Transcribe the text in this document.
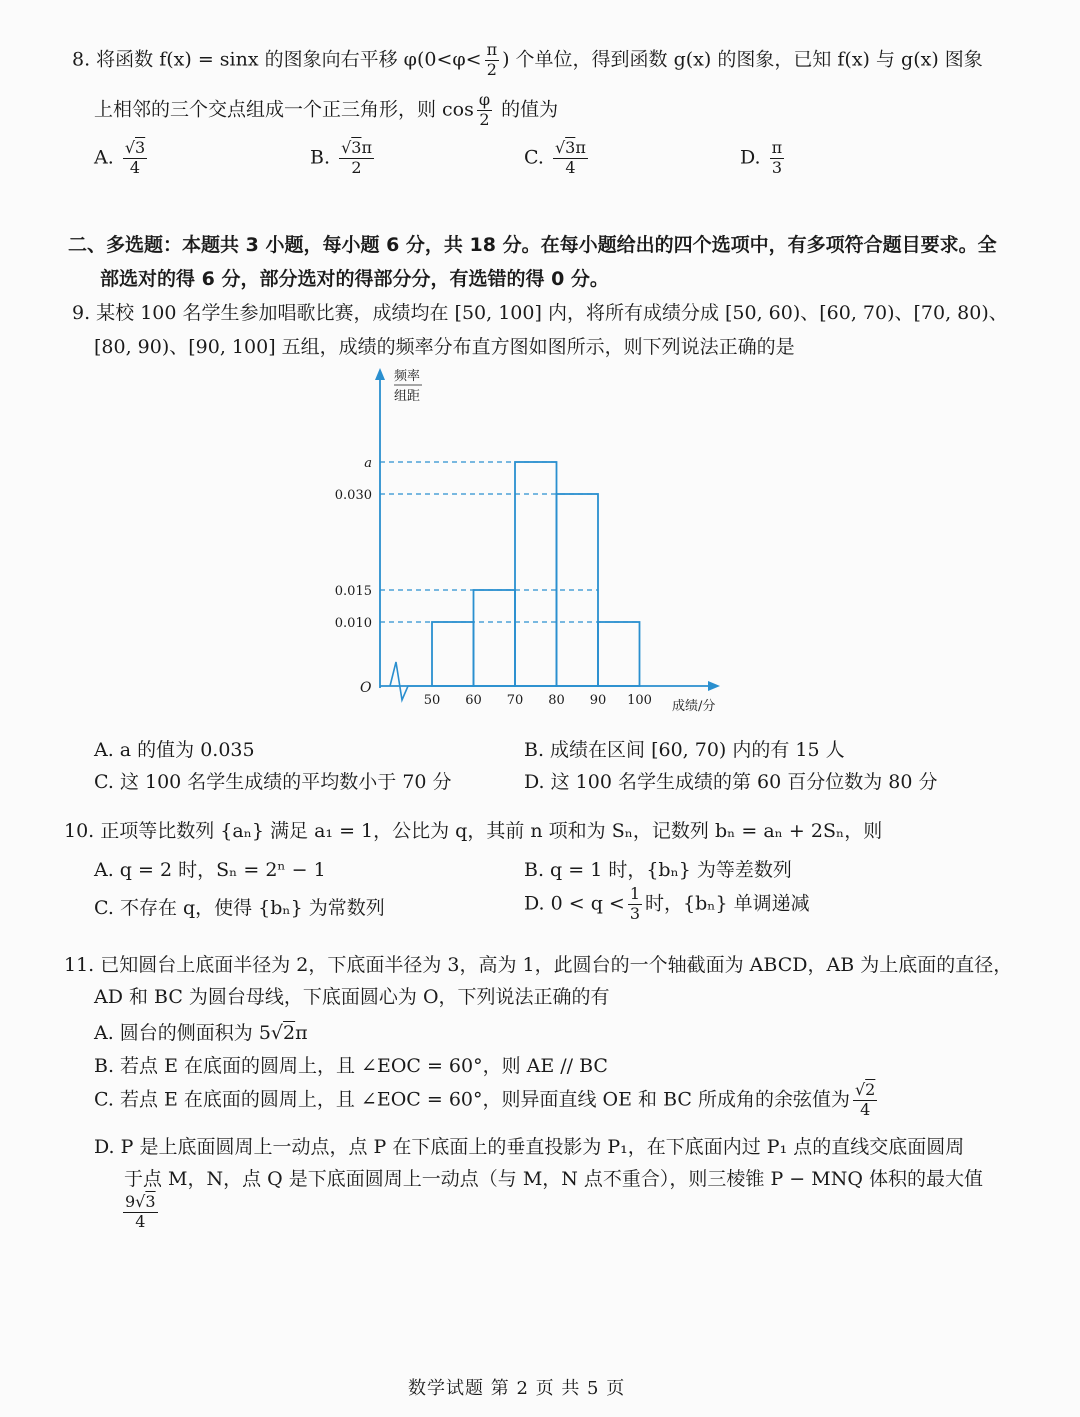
8. 将函数 f(x) = sinx 的图象向右平移 $\varphi(0<\varphi< \frac{\pi}{2}$ ) 个单位，得到函数 g(x) 的图象，已知 f(x) 与 g(x) 图象
上相邻的三个交点组成一个正三角形，则 $\cos \frac{\varphi}{2}$ 的值为
A. $\frac{√3}{4}$	B. $\frac{√3\pi}{2}$	C. $\frac{√3\pi}{4}$	D. $\frac{\pi}{3}$
二、多选题：本题共 3 小题，每小题 6 分，共 18 分。在每小题给出的四个选项中，有多项符合题目要求。全
部选对的得 6 分，部分选对的得部分分，有选错的得 0 分。
9. 某校 100 名学生参加唱歌比赛，成绩均在 [50, 100] 内，将所有成绩分成 [50, 60)、[60, 70)、[70, 80)、
[80, 90)、[90, 100] 五组，成绩的频率分布直方图如图所示，则下列说法正确的是
频率
组距
O
成绩/分
0.010
0.015
0.030
a
50 60 70 80 90 100
A. a 的值为 0.035	B. 成绩在区间 [60, 70) 内的有 15 人
C. 这 100 名学生成绩的平均数小于 70 分	D. 这 100 名学生成绩的第 60 百分位数为 80 分
10. 正项等比数列 {aₙ} 满足 a₁ = 1，公比为 q，其前 n 项和为 Sₙ，记数列 bₙ = aₙ + 2Sₙ，则
A. q = 2 时，Sₙ = 2ⁿ − 1	B. q = 1 时，{bₙ} 为等差数列
C. 不存在 q，使得 {bₙ} 为常数列	D. $0 < q < \frac{1}{3}$ 时，{bₙ} 单调递减
11. 已知圆台上底面半径为 2，下底面半径为 3，高为 1，此圆台的一个轴截面为 ABCD，AB 为上底面的直径，
AD 和 BC 为圆台母线，下底面圆心为 O，下列说法正确的有
A. 圆台的侧面积为 5√2π
B. 若点 E 在底面的圆周上，且 ∠EOC = 60°，则 AE // BC
C. 若点 E 在底面的圆周上，且 ∠EOC = 60°，则异面直线 OE 和 BC 所成角的余弦值为 $\frac{√2}{4}$
D. P 是上底面圆周上一动点，点 P 在下底面上的垂直投影为 P₁，在下底面内过 P₁ 点的直线交底面圆周
于点 M，N，点 Q 是下底面圆周上一动点（与 M，N 点不重合），则三棱锥 P − MNQ 体积的最大值
$\frac{9√3}{4}$
数学试题 第 2 页 共 5 页
